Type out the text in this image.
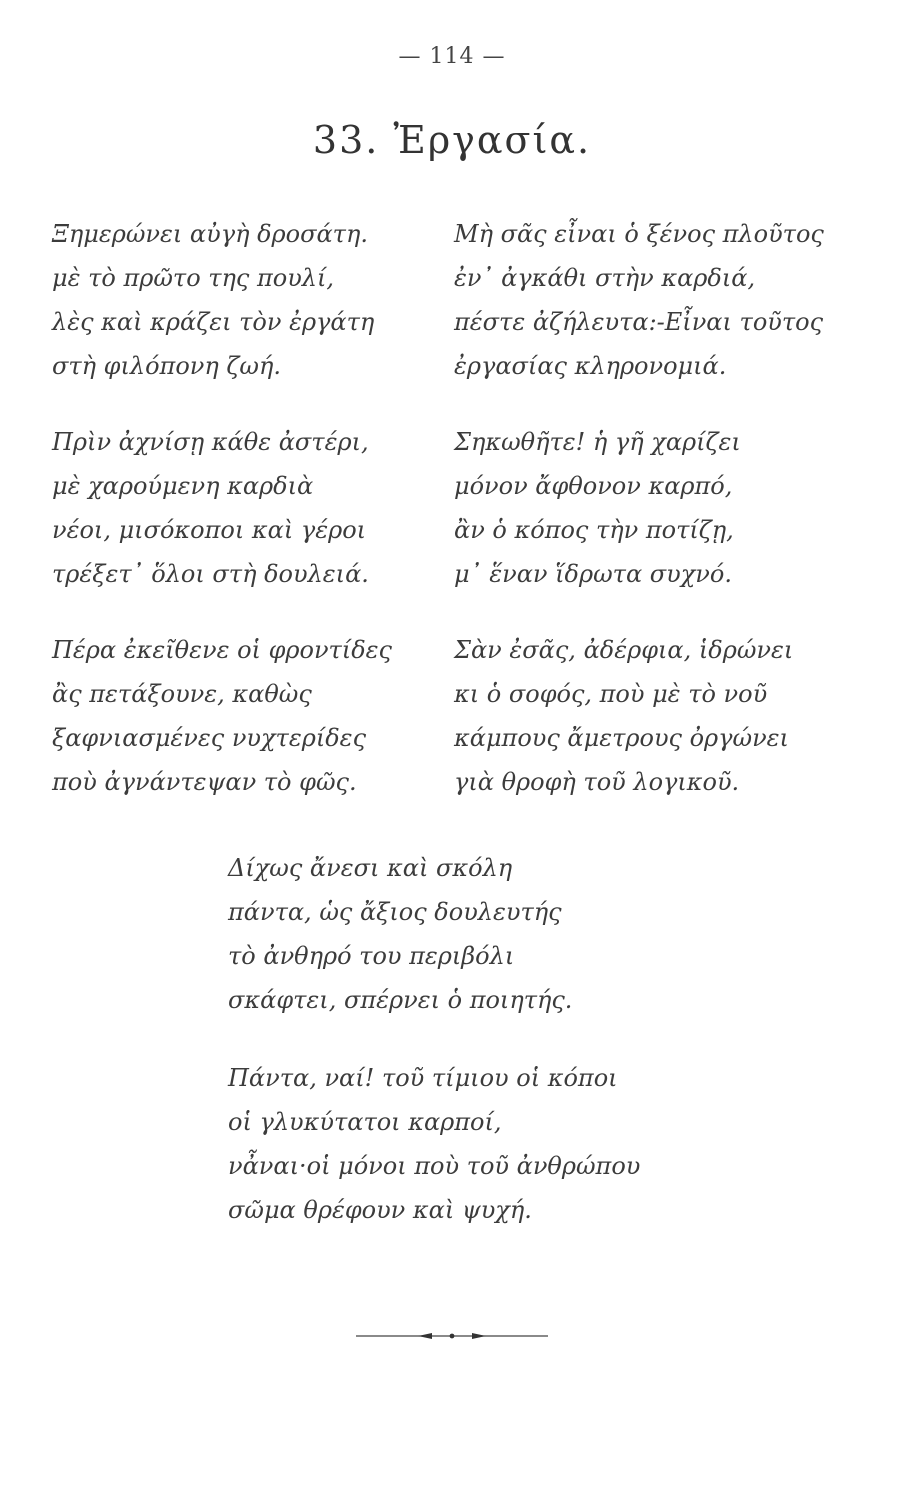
— 114 —
33. Ἐργασία.
Ξημερώνει αὐγὴ δροσάτη.
μὲ τὸ πρῶτο της πουλί,
λὲς καὶ κράζει τὸν ἐργάτη
στὴ φιλόπονη ζωή.
Μὴ σᾶς εἶναι ὁ ξένος πλοῦτος
ἐν᾿ ἀγκάθι στὴν καρδιά,
πέστε ἀζήλευτα:-Εἶναι τοῦτος
ἐργασίας κληρονομιά.
Πρὶν ἀχνίσῃ κάθε ἀστέρι,
μὲ χαρούμενη καρδιὰ
νέοι, μισόκοποι καὶ γέροι
τρέξετ᾿ ὅλοι στὴ δουλειά.
Σηκωθῆτε! ἡ γῆ χαρίζει
μόνον ἄφθονον καρπό,
ἂν ὁ κόπος τὴν ποτίζῃ,
μ᾿ ἕναν ἵδρωτα συχνό.
Πέρα ἐκεῖθενε οἱ φροντίδες
ἂς πετάξουνε, καθὼς
ξαφνιασμένες νυχτερίδες
ποὺ ἀγνάντεψαν τὸ φῶς.
Σὰν ἐσᾶς, ἀδέρφια, ἱδρώνει
κι ὁ σοφός, ποὺ μὲ τὸ νοῦ
κάμπους ἄμετρους ὀργώνει
γιὰ θροφὴ τοῦ λογικοῦ.
Δίχως ἄνεσι καὶ σκόλη
πάντα, ὡς ἄξιος δουλευτής
τὸ ἀνθηρό του περιβόλι
σκάφτει, σπέρνει ὁ ποιητής.
Πάντα, ναί! τοῦ τίμιου οἱ κόποι
οἱ γλυκύτατοι καρποί,
νἆναι·οἱ μόνοι ποὺ τοῦ ἀνθρώπου
σῶμα θρέφουν καὶ ψυχή.
